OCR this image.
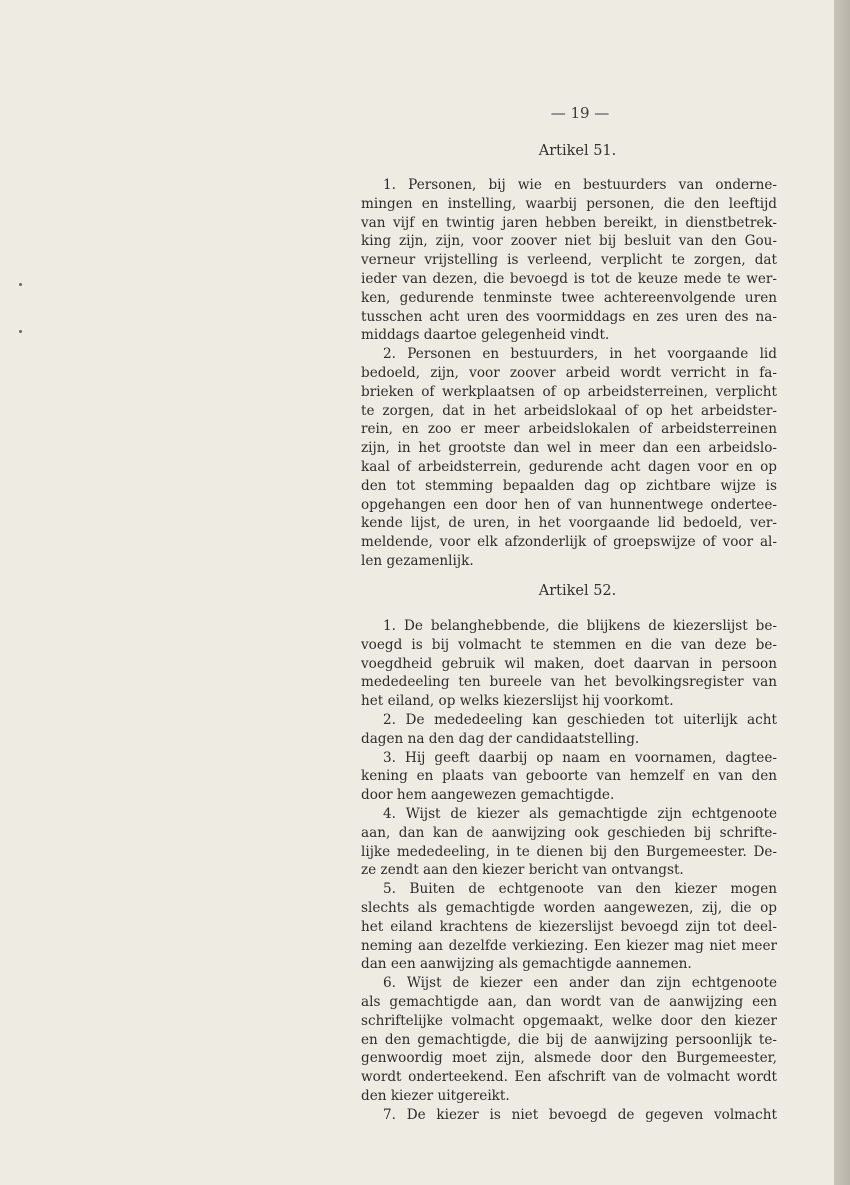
— 19 —
Artikel 51.
1. Personen, bij wie en bestuurders van onderne-
mingen en instelling, waarbij personen, die den leeftijd
van vijf en twintig jaren hebben bereikt, in dienstbetrek-
king zijn, zijn, voor zoover niet bij besluit van den Gou-
verneur vrijstelling is verleend, verplicht te zorgen, dat
ieder van dezen, die bevoegd is tot de keuze mede te wer-
ken, gedurende tenminste twee achtereenvolgende uren
tusschen acht uren des voormiddags en zes uren des na-
middags daartoe gelegenheid vindt.
2. Personen en bestuurders, in het voorgaande lid
bedoeld, zijn, voor zoover arbeid wordt verricht in fa-
brieken of werkplaatsen of op arbeidsterreinen, verplicht
te zorgen, dat in het arbeidslokaal of op het arbeidster-
rein, en zoo er meer arbeidslokalen of arbeidsterreinen
zijn, in het grootste dan wel in meer dan een arbeidslo-
kaal of arbeidsterrein, gedurende acht dagen voor en op
den tot stemming bepaalden dag op zichtbare wijze is
opgehangen een door hen of van hunnentwege ondertee-
kende lijst, de uren, in het voorgaande lid bedoeld, ver-
meldende, voor elk afzonderlijk of groepswijze of voor al-
len gezamenlijk.
Artikel 52.
1. De belanghebbende, die blijkens de kiezerslijst be-
voegd is bij volmacht te stemmen en die van deze be-
voegdheid gebruik wil maken, doet daarvan in persoon
mededeeling ten bureele van het bevolkingsregister van
het eiland, op welks kiezerslijst hij voorkomt.
2. De mededeeling kan geschieden tot uiterlijk acht
dagen na den dag der candidaatstelling.
3. Hij geeft daarbij op naam en voornamen, dagtee-
kening en plaats van geboorte van hemzelf en van den
door hem aangewezen gemachtigde.
4. Wijst de kiezer als gemachtigde zijn echtgenoote
aan, dan kan de aanwijzing ook geschieden bij schrifte-
lijke mededeeling, in te dienen bij den Burgemeester. De-
ze zendt aan den kiezer bericht van ontvangst.
5. Buiten de echtgenoote van den kiezer mogen
slechts als gemachtigde worden aangewezen, zij, die op
het eiland krachtens de kiezerslijst bevoegd zijn tot deel-
neming aan dezelfde verkiezing. Een kiezer mag niet meer
dan een aanwijzing als gemachtigde aannemen.
6. Wijst de kiezer een ander dan zijn echtgenoote
als gemachtigde aan, dan wordt van de aanwijzing een
schriftelijke volmacht opgemaakt, welke door den kiezer
en den gemachtigde, die bij de aanwijzing persoonlijk te-
genwoordig moet zijn, alsmede door den Burgemeester,
wordt onderteekend. Een afschrift van de volmacht wordt
den kiezer uitgereikt.
7. De kiezer is niet bevoegd de gegeven volmacht
